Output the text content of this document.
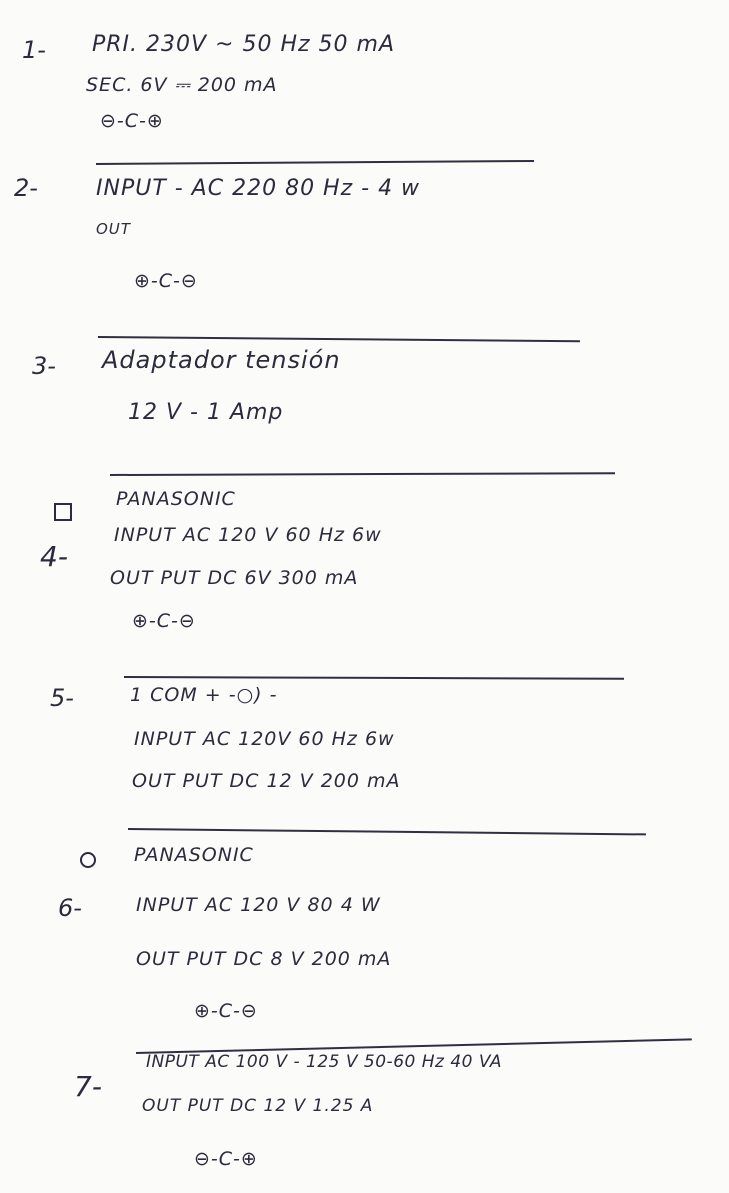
1- PRI. 230V ~ 50 Hz 50 mA
SEC. 6V ⎓ 200 mA
⊖-C-⊕
2-	INPUT - AC 220 80 Hz - 4 w
OUT
⊕-C-⊖
3- Adaptador tensión
12 V - 1 Amp
PANASONIC
4-
INPUT AC 120 V 60 Hz 6w
OUT PUT DC 6V 300 mA
⊕-C-⊖
5-	1 COM + -○) -
INPUT AC 120V 60 Hz 6w
OUT PUT DC 12 V 200 mA
PANASONIC
6-	INPUT AC 120 V 80 4 W
OUT PUT DC 8 V 200 mA
⊕-C-⊖
7-
INPUT AC 100 V - 125 V 50-60 Hz 40 VA
OUT PUT DC 12 V 1.25 A
⊖-C-⊕
